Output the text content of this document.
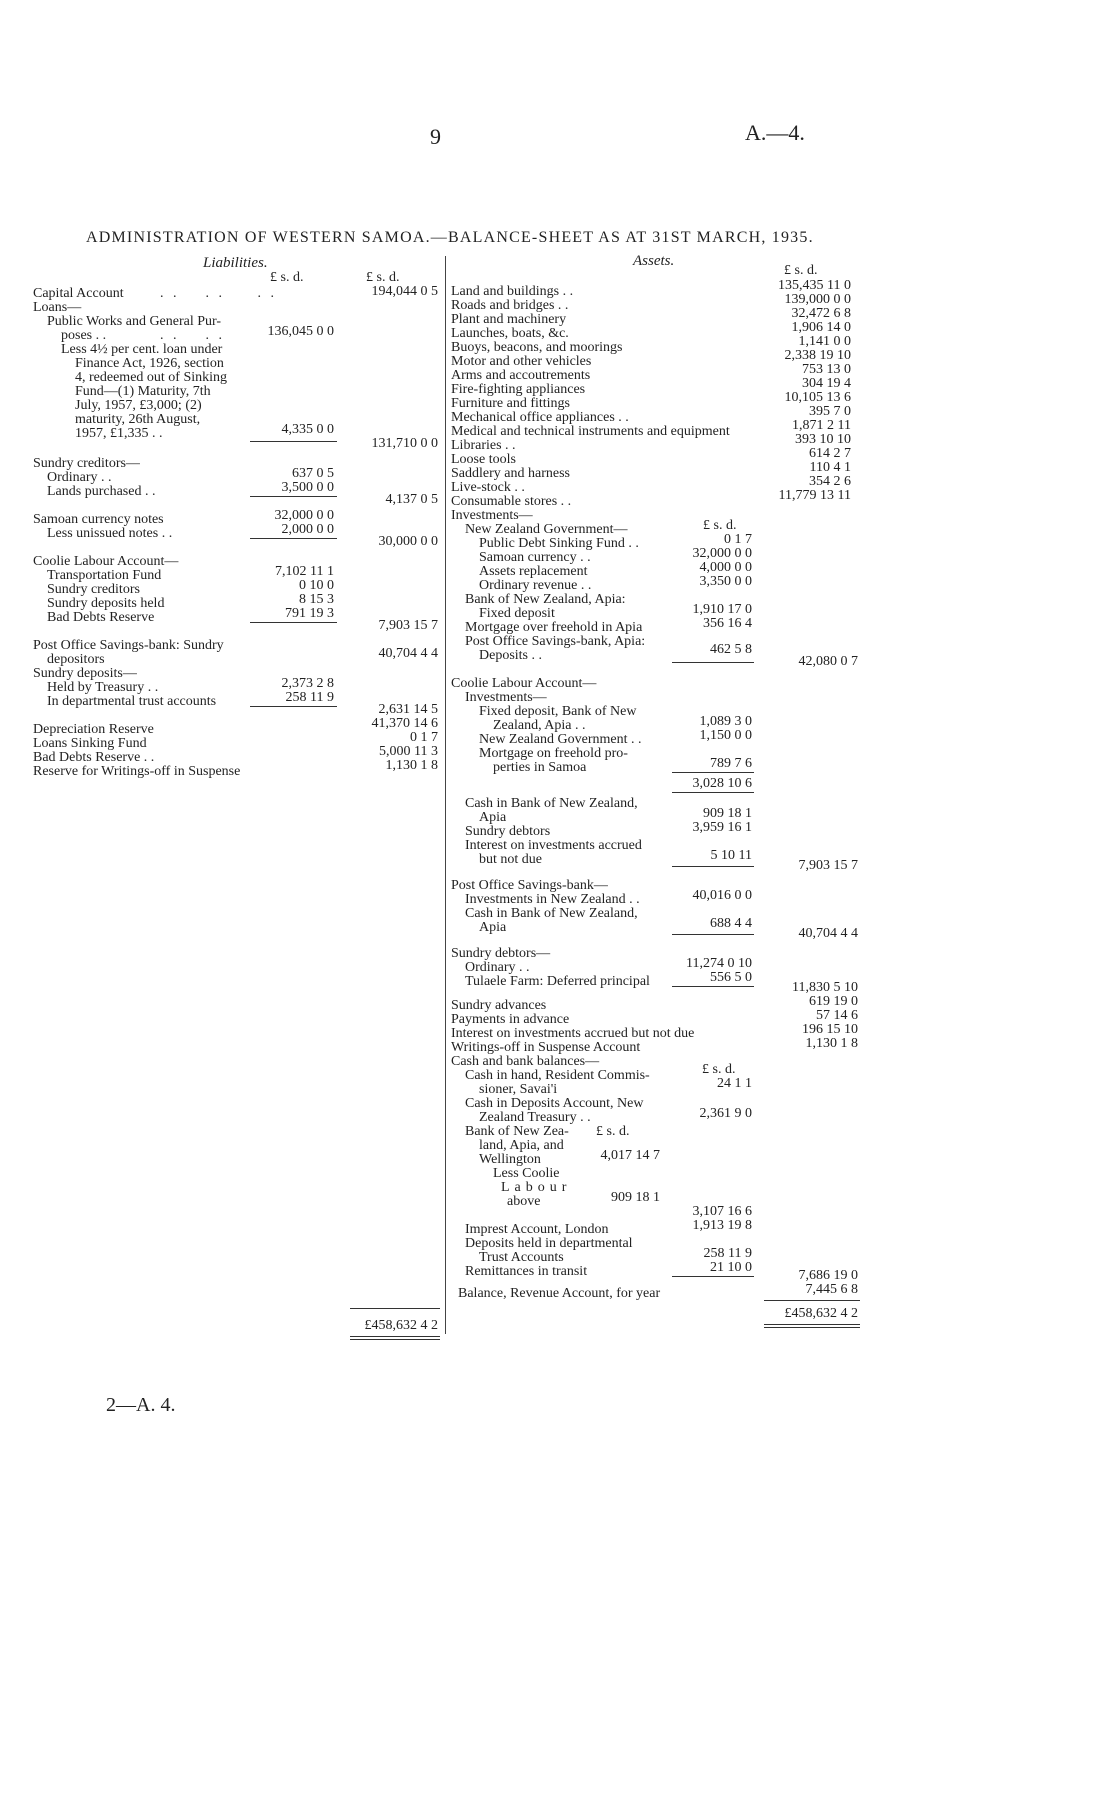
9	A.—4.
ADMINISTRATION OF WESTERN SAMOA.—BALANCE-SHEET AS AT 31ST MARCH, 1935.
Liabilities.
£ s. d.	£ s. d.
Capital Account	. .    . .     . .	194,044 0 5
Loans—
Public Works and General Pur-
poses . .	. .    . .	136,045 0 0
Less 4½ per cent. loan under
Finance Act, 1926, section
4, redeemed out of Sinking
Fund—(1) Maturity, 7th
July, 1957, £3,000; (2)
maturity, 26th August,
1957, £1,335 . .	4,335 0 0
131,710 0 0
Sundry creditors—
Ordinary . .	637 0 5
Lands purchased . .	3,500 0 0
4,137 0 5
Samoan currency notes	32,000 0 0
Less unissued notes . .	2,000 0 0
30,000 0 0
Coolie Labour Account—
Transportation Fund	7,102 11 1
Sundry creditors	0 10 0
Sundry deposits held	8 15 3
Bad Debts Reserve	791 19 3
7,903 15 7
Post Office Savings-bank: Sundry
depositors	40,704 4 4
Sundry deposits—
Held by Treasury . .	2,373 2 8
In departmental trust accounts	258 11 9
2,631 14 5
Depreciation Reserve	41,370 14 6
Loans Sinking Fund	0 1 7
Bad Debts Reserve . .	5,000 11 3
Reserve for Writings-off in Suspense	1,130 1 8
£458,632 4 2
Assets.
£ s. d.
Land and buildings . .	135,435 11 0
Roads and bridges . .	139,000 0 0
Plant and machinery	32,472 6 8
Launches, boats, &c.	1,906 14 0
Buoys, beacons, and moorings	1,141 0 0
Motor and other vehicles	2,338 19 10
Arms and accoutrements	753 13 0
Fire-fighting appliances	304 19 4
Furniture and fittings	10,105 13 6
Mechanical office appliances . .	395 7 0
Medical and technical instruments and equipment	1,871 2 11
Libraries . .	393 10 10
Loose tools	614 2 7
Saddlery and harness	110 4 1
Live-stock . .	354 2 6
Consumable stores . .	11,779 13 11
Investments—
New Zealand Government—	£ s. d.
Public Debt Sinking Fund . .	0 1 7
Samoan currency . .	32,000 0 0
Assets replacement	4,000 0 0
Ordinary revenue . .	3,350 0 0
Bank of New Zealand, Apia:
Fixed deposit	1,910 17 0
Mortgage over freehold in Apia	356 16 4
Post Office Savings-bank, Apia:
Deposits . .	462 5 8
42,080 0 7
Coolie Labour Account—
Investments—
Fixed deposit, Bank of New
Zealand, Apia . .	1,089 3 0
New Zealand Government . .	1,150 0 0
Mortgage on freehold pro-
perties in Samoa	789 7 6
3,028 10 6
Cash in Bank of New Zealand,
Apia	909 18 1
Sundry debtors	3,959 16 1
Interest on investments accrued
but not due	5 10 11
7,903 15 7
Post Office Savings-bank—
Investments in New Zealand . .	40,016 0 0
Cash in Bank of New Zealand,
Apia	688 4 4
40,704 4 4
Sundry debtors—
Ordinary . .	11,274 0 10
Tulaele Farm: Deferred principal	556 5 0
11,830 5 10
Sundry advances	619 19 0
Payments in advance	57 14 6
Interest on investments accrued but not due	196 15 10
Writings-off in Suspense Account	1,130 1 8
Cash and bank balances—
£ s. d.
Cash in hand, Resident Commis-
sioner, Savai'i	24 1 1
Cash in Deposits Account, New
Zealand Treasury . .	2,361 9 0
Bank of New Zea- £ s. d.
land, Apia, and
Wellington	4,017 14 7
Less Coolie
Labour
above	909 18 1
3,107 16 6
Imprest Account, London	1,913 19 8
Deposits held in departmental
Trust Accounts	258 11 9
Remittances in transit	21 10 0
7,686 19 0
Balance, Revenue Account, for year	7,445 6 8
£458,632 4 2
2—A. 4.
